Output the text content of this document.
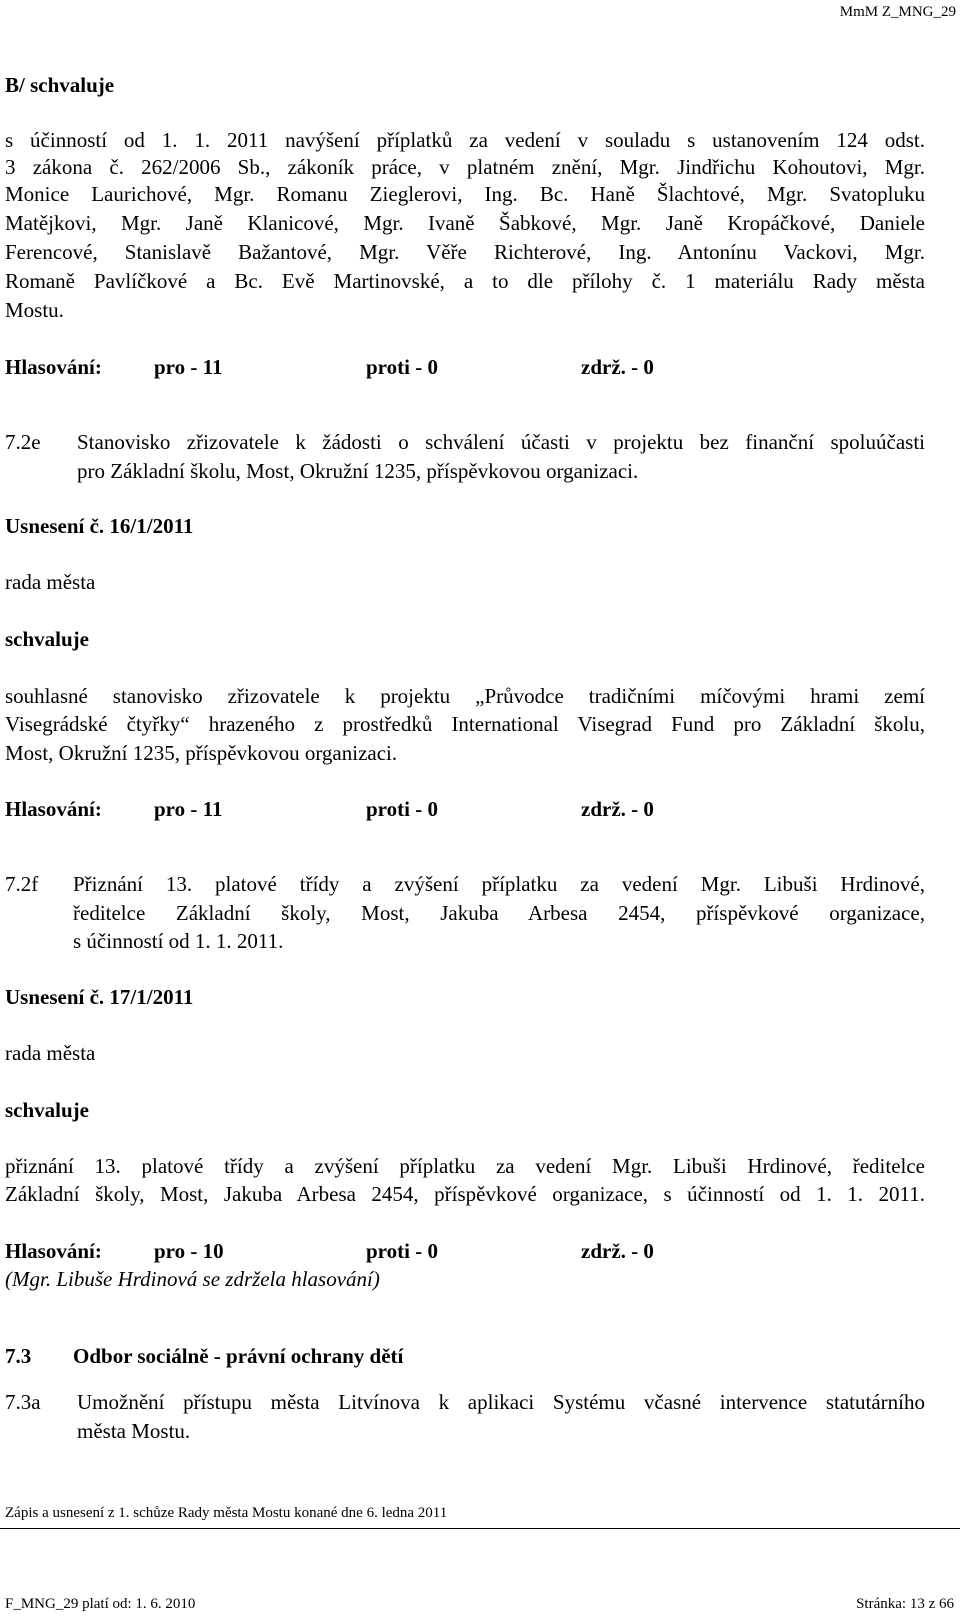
MmM Z_MNG_29
B/ schvaluje
s účinností od 1. 1. 2011 navýšení příplatků za vedení v souladu s ustanovením 124 odst.
3 zákona č. 262/2006 Sb., zákoník práce, v platném znění, Mgr. Jindřichu Kohoutovi, Mgr.
Monice Laurichové, Mgr. Romanu Zieglerovi, Ing. Bc. Haně Šlachtové, Mgr. Svatopluku
Matějkovi, Mgr. Janě Klanicové, Mgr. Ivaně Šabkové, Mgr. Janě Kropáčkové, Daniele
Ferencové, Stanislavě Bažantové, Mgr. Věře Richterové, Ing. Antonínu Vackovi, Mgr.
Romaně Pavlíčkové a Bc. Evě Martinovské, a to dle přílohy č. 1 materiálu Rady města
Mostu.
Hlasování: pro - 11	proti - 0	zdrž. - 0
7.2e Stanovisko zřizovatele k žádosti o schválení účasti v projektu bez finanční spoluúčasti
pro Základní školu, Most, Okružní 1235, příspěvkovou organizaci.
Usnesení č. 16/1/2011
rada města
schvaluje
souhlasné stanovisko zřizovatele k projektu „Průvodce tradičními míčovými hrami zemí
Visegrádské čtyřky“ hrazeného z prostředků International Visegrad Fund pro Základní školu,
Most, Okružní 1235, příspěvkovou organizaci.
Hlasování: pro - 11	proti - 0	zdrž. - 0
7.2f Přiznání 13. platové třídy a zvýšení příplatku za vedení Mgr. Libuši Hrdinové,
ředitelce Základní školy, Most, Jakuba Arbesa 2454, příspěvkové organizace,
s účinností od 1. 1. 2011.
Usnesení č. 17/1/2011
rada města
schvaluje
přiznání 13. platové třídy a zvýšení příplatku za vedení Mgr. Libuši Hrdinové, ředitelce
Základní školy, Most, Jakuba Arbesa 2454, příspěvkové organizace, s účinností od 1. 1. 2011.
Hlasování: pro - 10	proti - 0	zdrž. - 0
(Mgr. Libuše Hrdinová se zdržela hlasování)
7.3 Odbor sociálně - právní ochrany dětí
7.3a Umožnění přístupu města Litvínova k aplikaci Systému včasné intervence statutárního
města Mostu.
Zápis a usnesení z 1. schůze Rady města Mostu konané dne 6. ledna 2011
F_MNG_29 platí od: 1. 6. 2010	Stránka: 13 z 66
